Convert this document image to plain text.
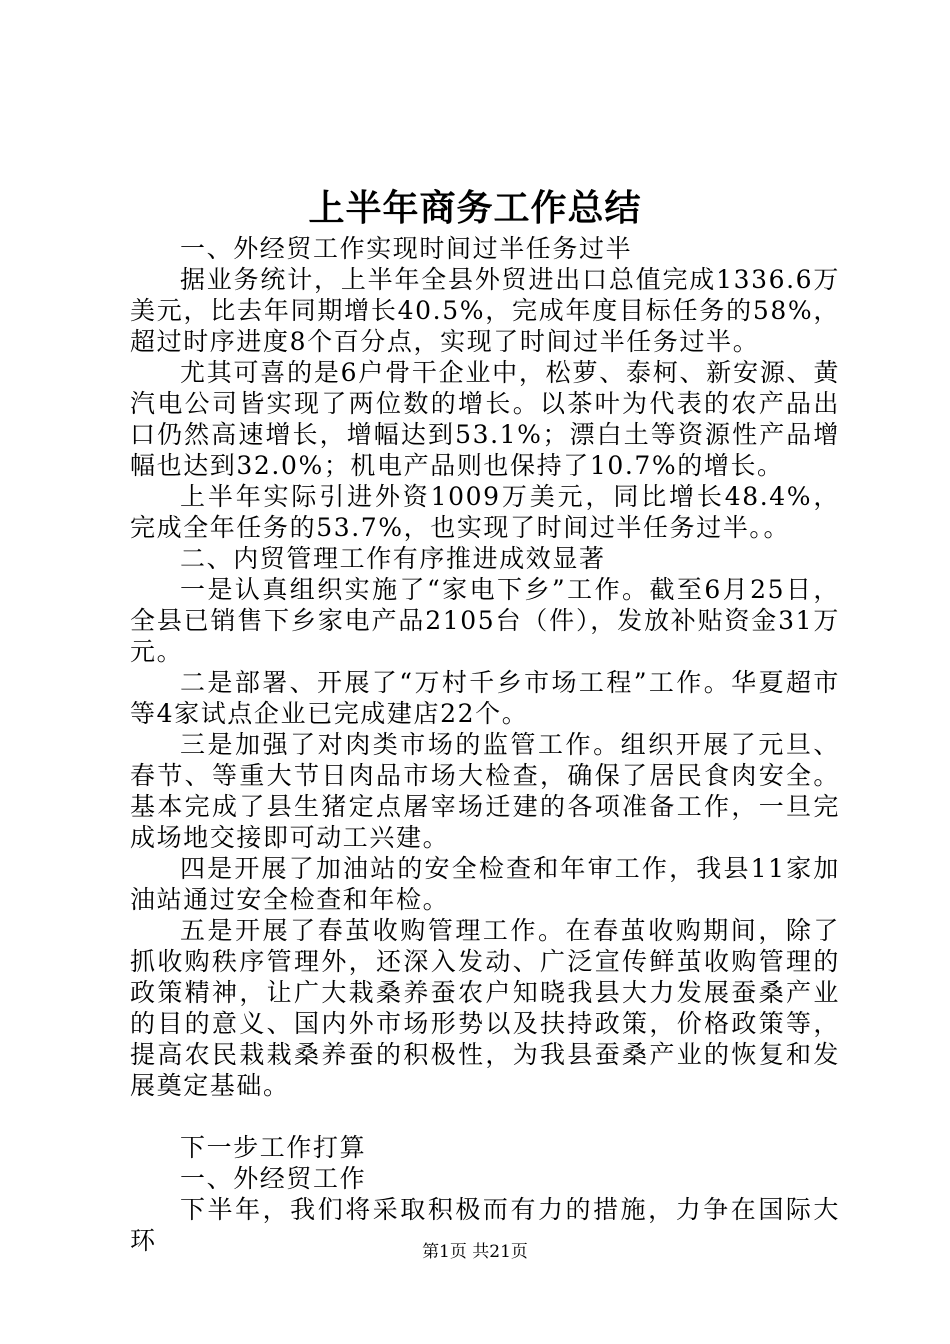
上半年商务工作总结

一、外经贸工作实现时间过半任务过半

据业务统计，上半年全县外贸进出口总值完成1336.6万美元，比去年同期增长40.5%，完成年度目标任务的58%，超过时序进度8个百分点，实现了时间过半任务过半。

尤其可喜的是6户骨干企业中，松萝、泰柯、新安源、黄汽电公司皆实现了两位数的增长。以茶叶为代表的农产品出口仍然高速增长，增幅达到53.1%；漂白土等资源性产品增幅也达到32.0%；机电产品则也保持了10.7%的增长。

上半年实际引进外资1009万美元，同比增长48.4%，完成全年任务的53.7%，也实现了时间过半任务过半。。

二、内贸管理工作有序推进成效显著

一是认真组织实施了“家电下乡”工作。截至6月25日，全县已销售下乡家电产品2105台（件），发放补贴资金31万元。

二是部署、开展了“万村千乡市场工程”工作。华夏超市等4家试点企业已完成建店22个。

三是加强了对肉类市场的监管工作。组织开展了元旦、春节、等重大节日肉品市场大检查，确保了居民食肉安全。基本完成了县生猪定点屠宰场迁建的各项准备工作，一旦完成场地交接即可动工兴建。

四是开展了加油站的安全检查和年审工作，我县11家加油站通过安全检查和年检。

五是开展了春茧收购管理工作。在春茧收购期间，除了抓收购秩序管理外，还深入发动、广泛宣传鲜茧收购管理的政策精神，让广大栽桑养蚕农户知晓我县大力发展蚕桑产业的目的意义、国内外市场形势以及扶持政策，价格政策等，提高农民栽栽桑养蚕的积极性，为我县蚕桑产业的恢复和发展奠定基础。

下一步工作打算

一、外经贸工作

下半年，我们将采取积极而有力的措施，力争在国际大环	第1页 共21页
